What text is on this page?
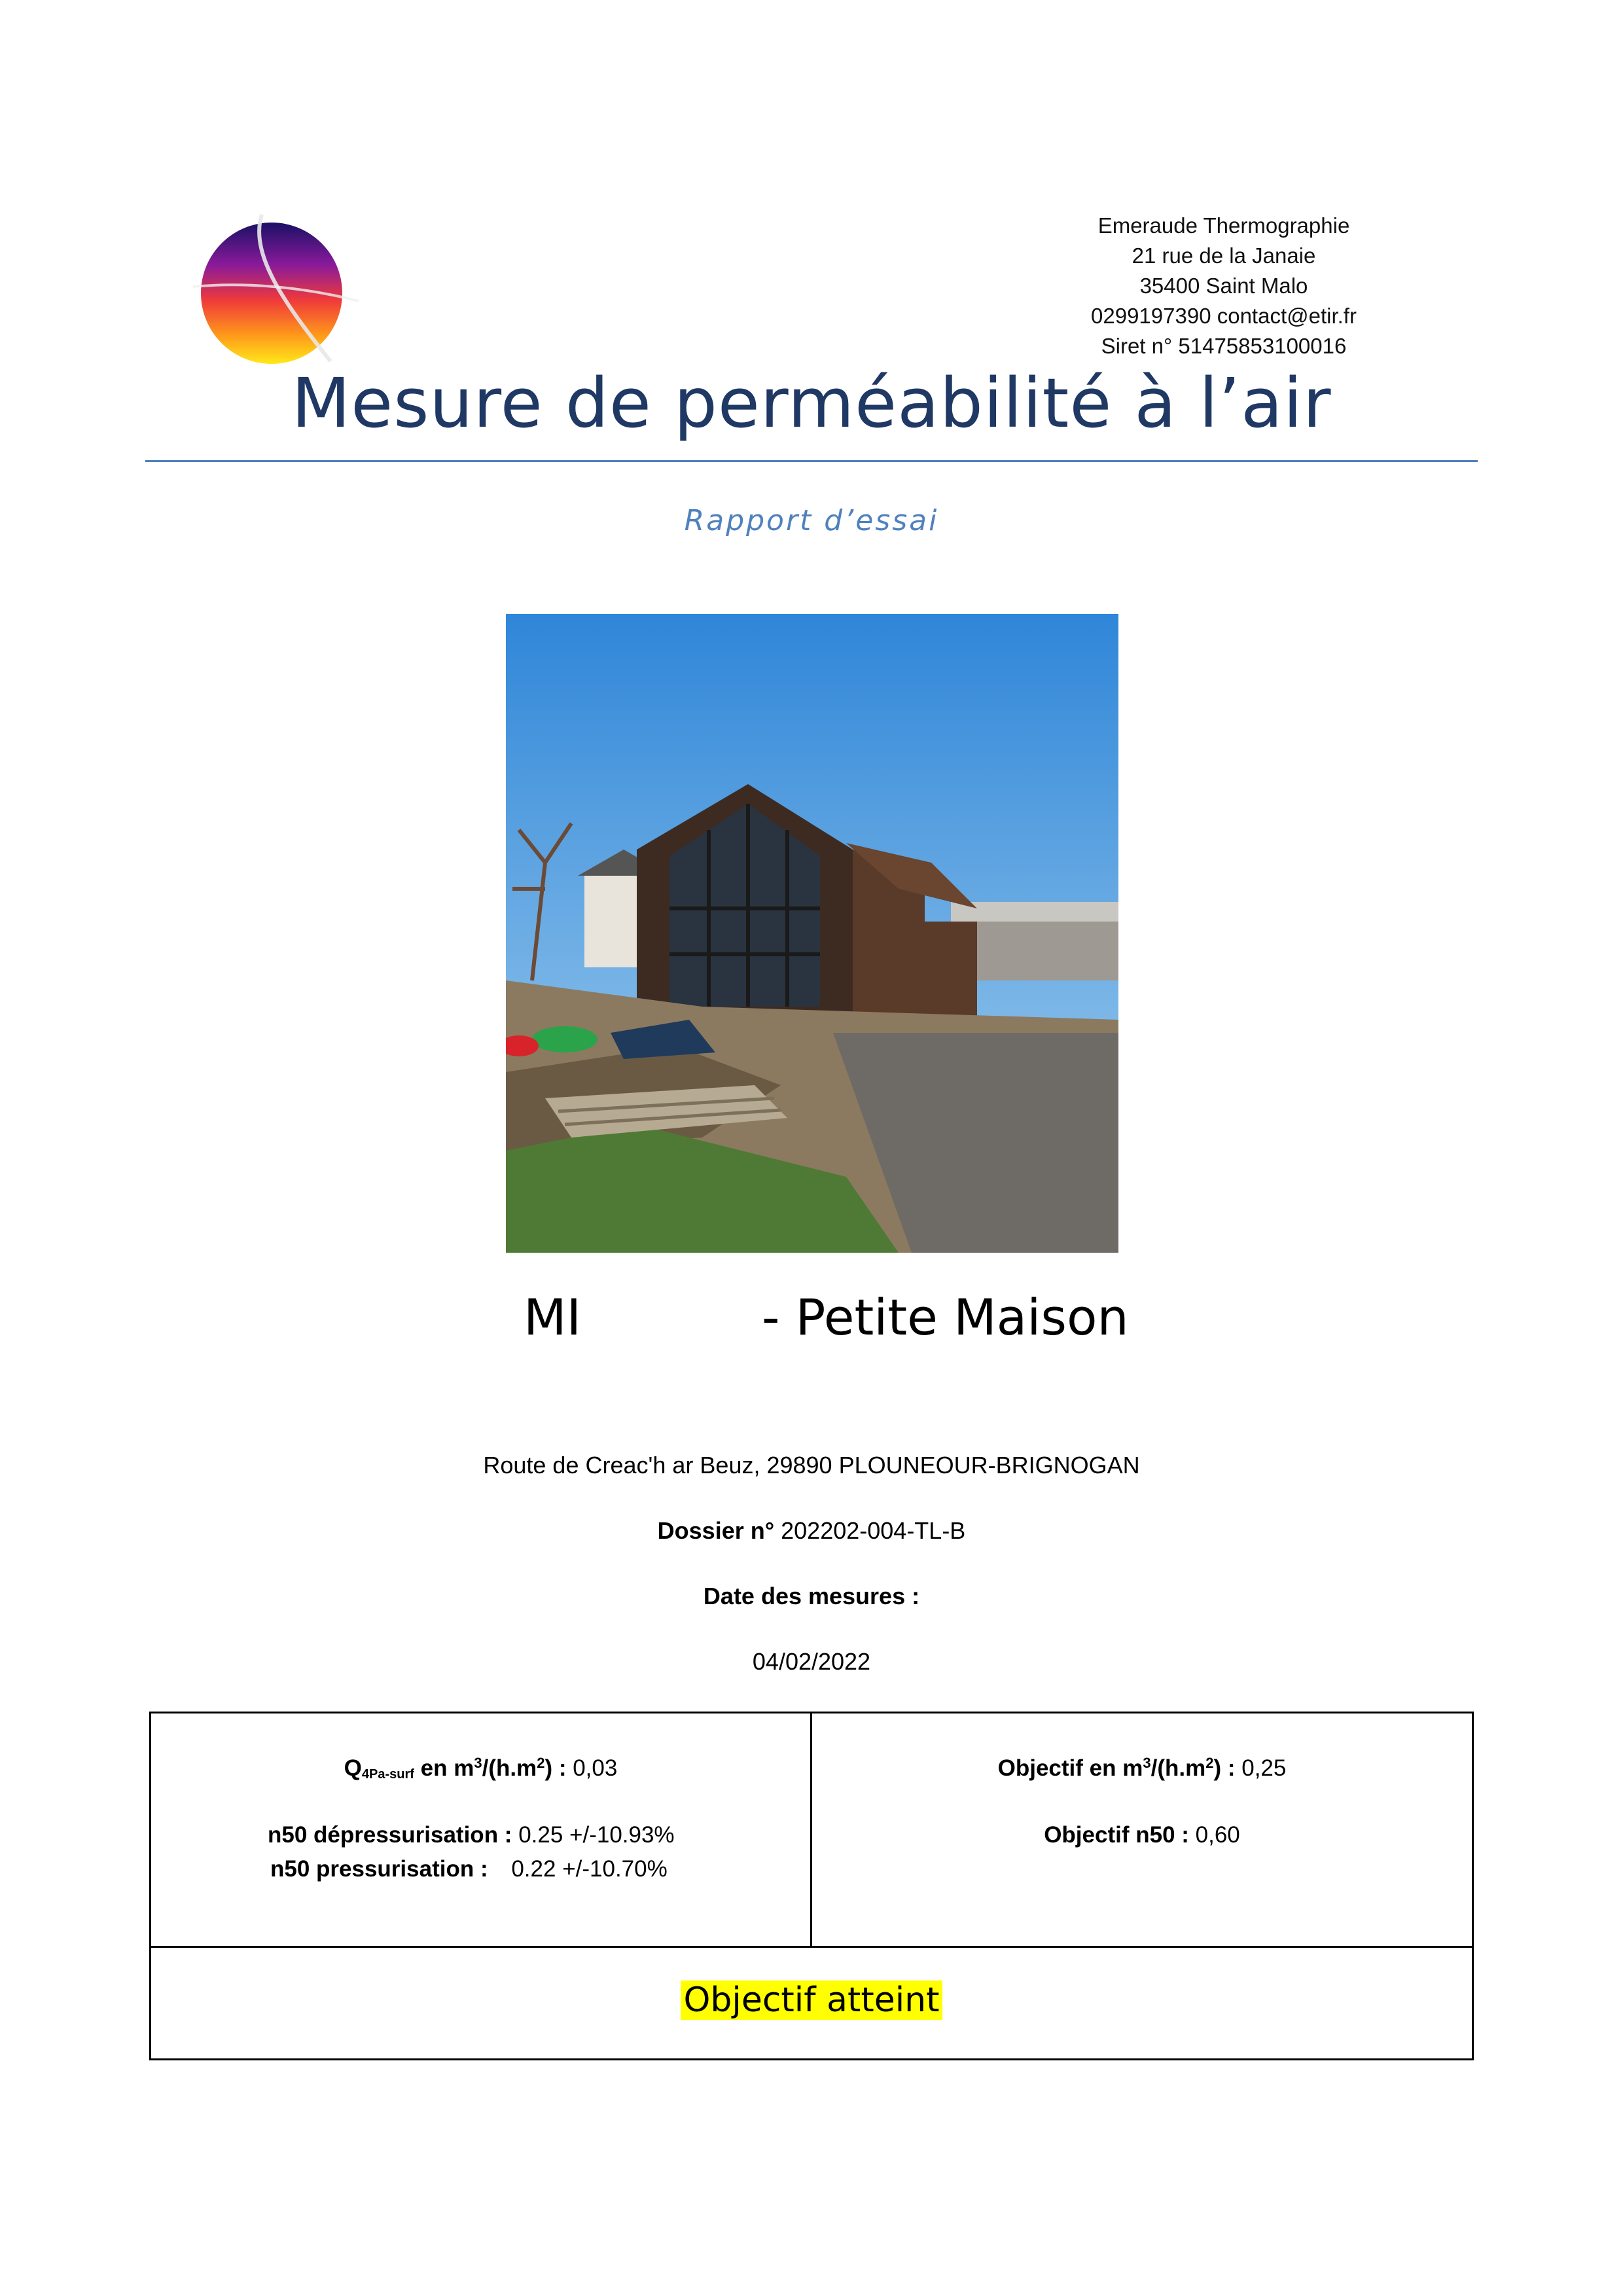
Emeraude Thermographie
21 rue de la Janaie
35400 Saint Malo
0299197390 contact@etir.fr
Siret n° 51475853100016
Mesure de perméabilité à l’air
Rapport d’essai
MI	- Petite Maison
Route de Creac'h ar Beuz, 29890 PLOUNEOUR-BRIGNOGAN
Dossier n° 202202-004-TL-B
Date des mesures :
04/02/2022
$Q_{4Pa-surf}$ en $m^3/(h.m^2)$ : 0,03
n50 dépressurisation : 0.25 +/-10.93%
n50 pressurisation : 0.22 +/-10.70%
Objectif en $m^3/(h.m^2)$ : 0,25
Objectif n50 : 0,60
Objectif atteint
